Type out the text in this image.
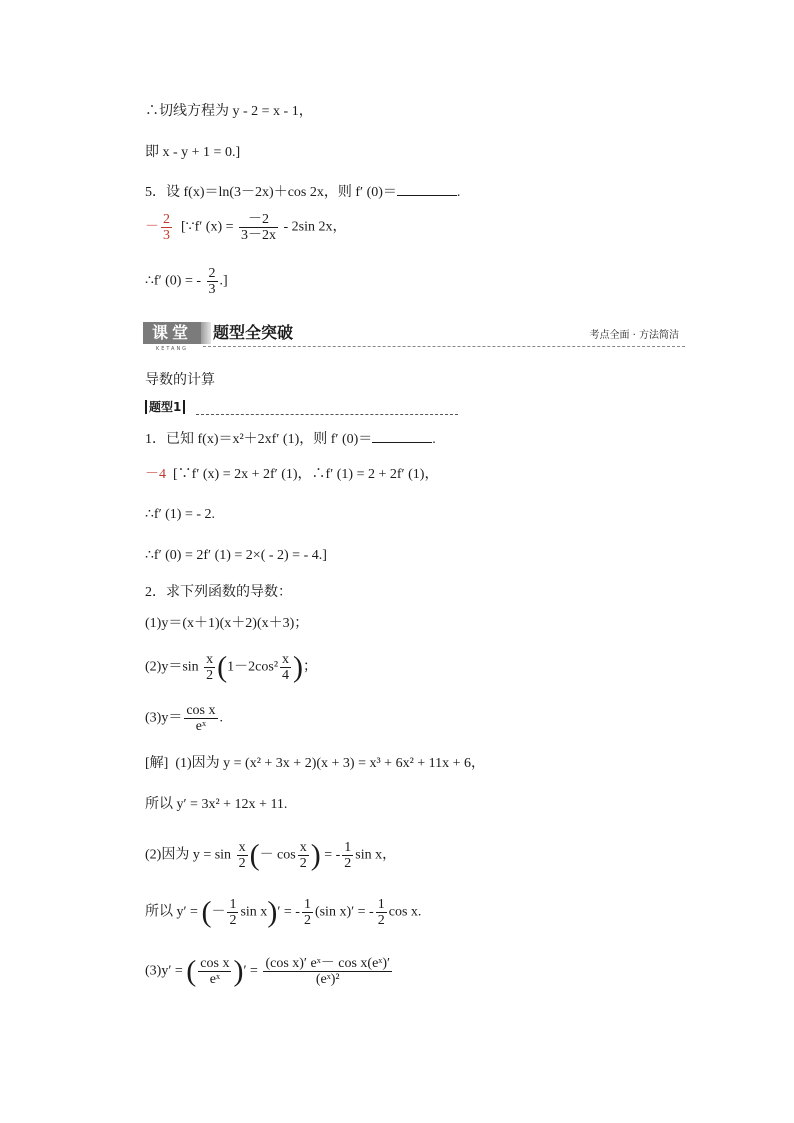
∴切线方程为 y - 2 = x - 1，
即 x - y + 1 = 0.]
5．设 f(x)＝ln(3－2x)＋cos 2x，则 f′ (0)＝	.
－ $\frac{2}{3}$ [∵f′ $(x) = \frac{-2}{3-2x} - 2\sin$ 2x，
∴f′ (0) = - $\frac{2}{3}$ .]
课堂
KETANG
题型全突破	考点全面 · 方法简洁
导数的计算
题型1
1．已知 f(x)＝x²＋2xf′ (1)，则 f′ (0)＝	.
－4 [∵f′ (x) = 2x + 2f′ (1)，∴f′ (1) = 2 + 2f′ (1)，
∴f′ (1) = - 2.
∴f′ (0) = 2f′ (1) = 2×( - 2) = - 4.]
2．求下列函数的导数：
(1)y＝(x＋1)(x＋2)(x＋3)；
$(2)y=\sin \frac{x}{2} (1-2\cos^2 \frac{x}{4}$ )；
$(3)y= \frac{\text{cos x}}{\text{eˣ}}$ .
[解] (1)因为 y = (x² + 3x + 2)(x + 3) = x³ + 6x² + 11x + 6，
所以 y′ = 3x² + 12x + 11.
(2)因为 $y = \sin \frac{x}{2}$ (－ $\cos \frac{x}{2}$ ) = - $\frac{1}{2}$ sin x，
所以 y′ = (－ $\frac{1}{2}$ sin x)′ = - $\frac{1}{2} (\sin$ x)′ = - $\frac{1}{2}$ cos x.
(3)y′ = ( $\frac{\text{cos x}}{\text{eˣ}}$ )′ = $\frac{\text{(cos x)′ eˣ－ cos x(eˣ)′}}{\text{(eˣ)²}}$
